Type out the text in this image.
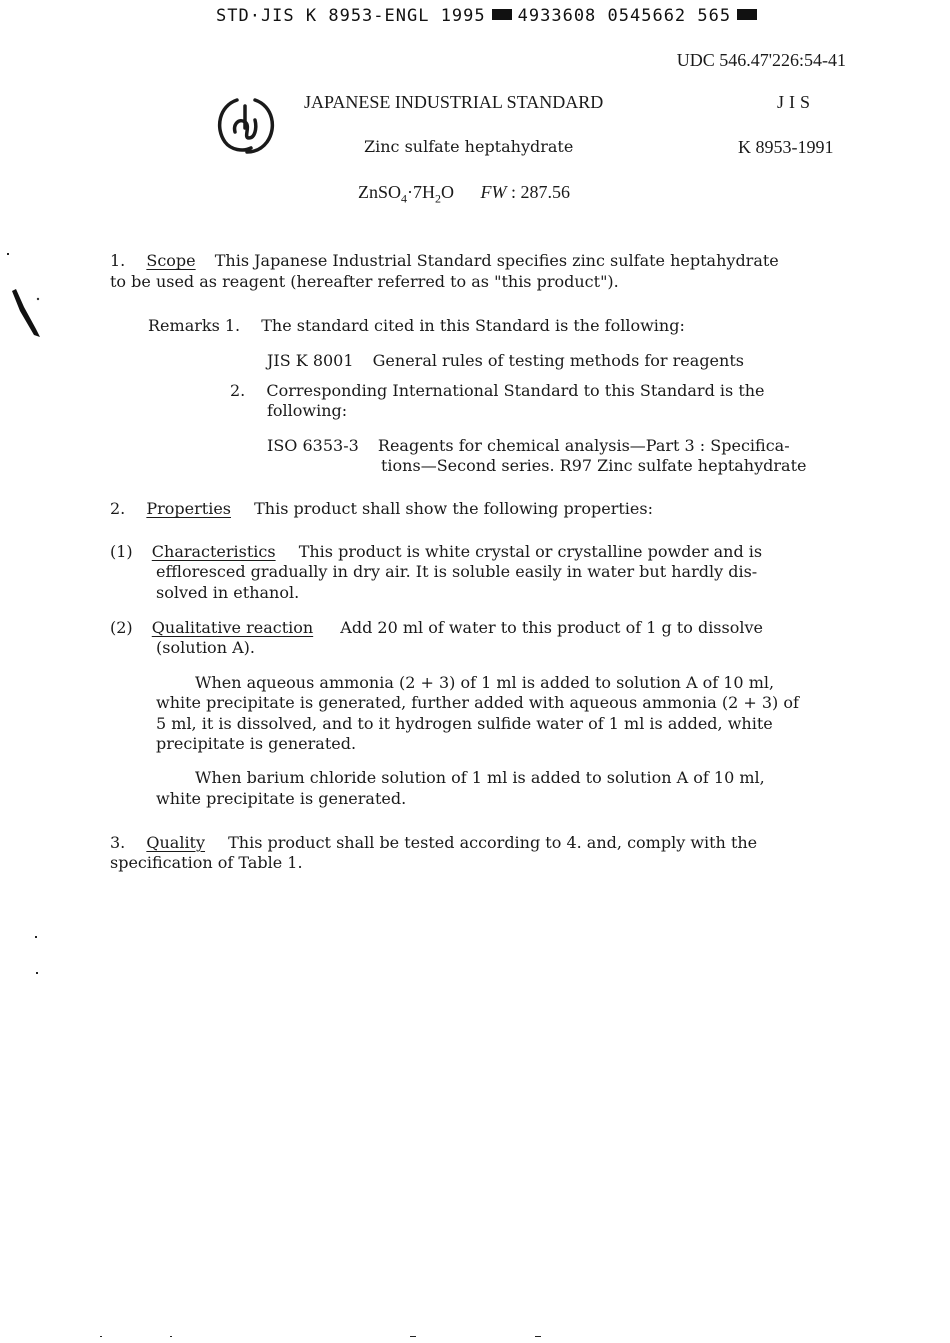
STD·JIS K 8953-ENGL 1995 4933608 0545662 565
UDC 546.47'226:54-41
JAPANESE INDUSTRIAL STANDARD	JIS
Zinc sulfate heptahydrate	K 8953-1991
$ZnSO_4\cdot 7H_2O$ FW : 287.56
1. Scope This Japanese Industrial Standard specifies zinc sulfate heptahydrate
to be used as reagent (hereafter referred to as "this product").
Remarks 1. The standard cited in this Standard is the following:
JIS K 8001 General rules of testing methods for reagents
2. Corresponding International Standard to this Standard is the
following:
ISO 6353-3 Reagents for chemical analysis—Part 3 : Specifica-
tions—Second series. R97 Zinc sulfate heptahydrate
2. Properties This product shall show the following properties:
(1) Characteristics This product is white crystal or crystalline powder and is
effloresced gradually in dry air. It is soluble easily in water but hardly dis-
solved in ethanol.
(2) Qualitative reaction Add 20 ml of water to this product of 1 g to dissolve
(solution A).
When aqueous ammonia (2 + 3) of 1 ml is added to solution A of 10 ml,
white precipitate is generated, further added with aqueous ammonia (2 + 3) of
5 ml, it is dissolved, and to it hydrogen sulfide water of 1 ml is added, white
precipitate is generated.
When barium chloride solution of 1 ml is added to solution A of 10 ml,
white precipitate is generated.
3. Quality This product shall be tested according to 4. and, comply with the
specification of Table 1.
